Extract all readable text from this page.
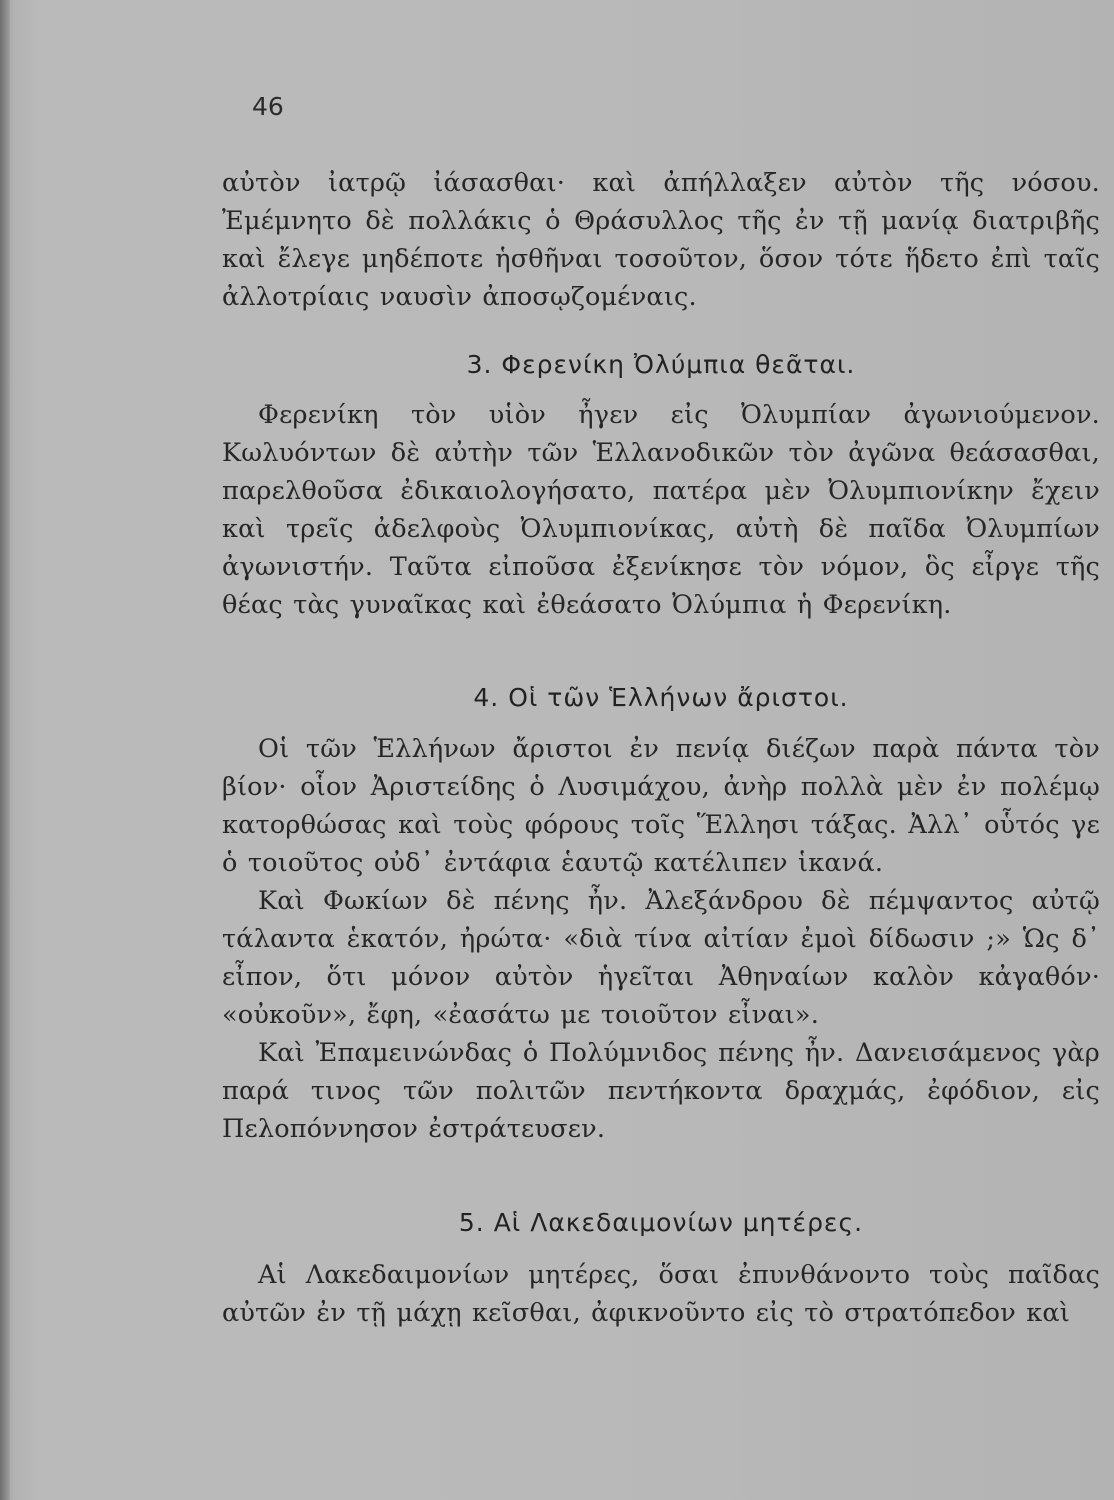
46

αὐτὸν ἰατρῷ ἰάσασθαι· καὶ ἀπήλλαξεν αὐτὸν τῆς νόσου. Ἐμέμνητο δὲ πολλάκις ὁ Θράσυλλος τῆς ἐν τῇ μανίᾳ διατριβῆς καὶ ἔλεγε μηδέποτε ἡσθῆναι τοσοῦτον, ὅσον τότε ἥδετο ἐπὶ ταῖς ἀλλοτρίαις ναυσὶν ἀποσῳζομέναις.

3. Φερενίκη Ὀλύμπια θεᾶται.

Φερενίκη τὸν υἱὸν ἦγεν εἰς Ὀλυμπίαν ἀγωνιούμενον. Κωλυόντων δὲ αὐτὴν τῶν Ἑλλανοδικῶν τὸν ἀγῶνα θεάσασθαι, παρελθοῦσα ἐδικαιολογήσατο, πατέρα μὲν Ὀλυμπιονίκην ἔχειν καὶ τρεῖς ἀδελφοὺς Ὀλυμπιονίκας, αὐτὴ δὲ παῖδα Ὀλυμπίων ἀγωνιστήν. Ταῦτα εἰποῦσα ἐξενίκησε τὸν νόμον, ὃς εἶργε τῆς θέας τὰς γυναῖκας καὶ ἐθεάσατο Ὀλύμπια ἡ Φερενίκη.

4. Οἱ τῶν Ἑλλήνων ἄριστοι.

Οἱ τῶν Ἑλλήνων ἄριστοι ἐν πενίᾳ διέζων παρὰ πάντα τὸν βίον· οἷον Ἀριστείδης ὁ Λυσιμάχου, ἀνὴρ πολλὰ μὲν ἐν πολέμῳ κατορθώσας καὶ τοὺς φόρους τοῖς Ἕλλησι τάξας. Ἀλλ᾿ οὗτός γε ὁ τοιοῦτος οὐδ᾿ ἐντάφια ἑαυτῷ κατέλιπεν ἱκανά.

Καὶ Φωκίων δὲ πένης ἦν. Ἀλεξάνδρου δὲ πέμψαντος αὐτῷ τάλαντα ἑκατόν, ἠρώτα· «διὰ τίνα αἰτίαν ἐμοὶ δίδωσιν ;» Ὡς δ᾿ εἶπον, ὅτι μόνον αὐτὸν ἡγεῖται Ἀθηναίων καλὸν κἀγαθόν· «οὐκοῦν», ἔφη, «ἐασάτω με τοιοῦτον εἶναι».

Καὶ Ἐπαμεινώνδας ὁ Πολύμνιδος πένης ἦν. Δανεισάμενος γὰρ παρά τινος τῶν πολιτῶν πεντήκοντα δραχμάς, ἐφόδιον, εἰς Πελοπόννησον ἐστράτευσεν.

5. Αἱ Λακεδαιμονίων μητέρες.

Αἱ Λακεδαιμονίων μητέρες, ὅσαι ἐπυνθάνοντο τοὺς παῖδας αὐτῶν ἐν τῇ μάχῃ κεῖσθαι, ἀφικνοῦντο εἰς τὸ στρατόπεδον καὶ
